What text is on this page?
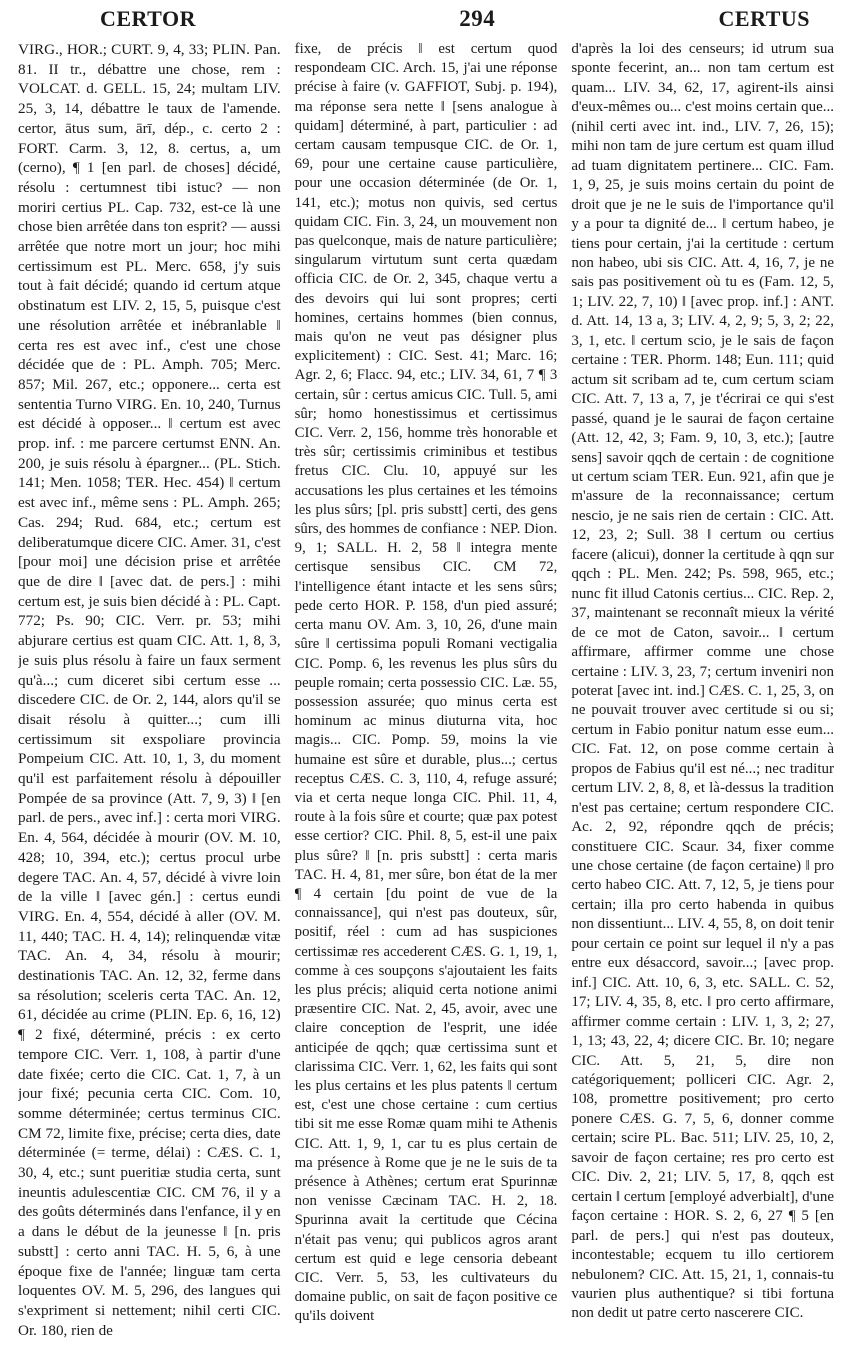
CERTOR	294	CERTUS

VIRG., HOR.; CURT. 9, 4, 33; PLIN. Pan. 81. II tr., débattre une chose, rem : VOLCAT. d. GELL. 15, 24; multam LIV. 25, 3, 14, débattre le taux de l'amende. certor, ātus sum, ārī, dép., c. certo 2 : FORT. Carm. 3, 12, 8. certus, a, um (cerno), ¶ 1 [en parl. de choses] décidé, résolu : certumnest tibi istuc? — non moriri certius PL. Cap. 732, est-ce là une chose bien arrêtée dans ton esprit? — aussi arrêtée que notre mort un jour; hoc mihi certissimum est PL. Merc. 658, j'y suis tout à fait décidé; quando id certum atque obstinatum est LIV. 2, 15, 5, puisque c'est une résolution arrêtée et inébranlable ‖ certa res est avec inf., c'est une chose décidée que de : PL. Amph. 705; Merc. 857; Mil. 267, etc.; opponere... certa est sententia Turno VIRG. En. 10, 240, Turnus est décidé à opposer... ‖ certum est avec prop. inf. : me parcere certumst ENN. An. 200, je suis résolu à épargner... (PL. Stich. 141; Men. 1058; TER. Hec. 454) ‖ certum est avec inf., même sens : PL. Amph. 265; Cas. 294; Rud. 684, etc.; certum est deliberatumque dicere CIC. Amer. 31, c'est [pour moi] une décision prise et arrêtée que de dire ‖ [avec dat. de pers.] : mihi certum est, je suis bien décidé à : PL. Capt. 772; Ps. 90; CIC. Verr. pr. 53; mihi abjurare certius est quam CIC. Att. 1, 8, 3, je suis plus résolu à faire un faux serment qu'à...; cum diceret sibi certum esse ... discedere CIC. de Or. 2, 144, alors qu'il se disait résolu à quitter...; cum illi certissimum sit exspoliare provincia Pompeium CIC. Att. 10, 1, 3, du moment qu'il est parfaitement résolu à dépouiller Pompée de sa province (Att. 7, 9, 3) ‖ [en parl. de pers., avec inf.] : certa mori VIRG. En. 4, 564, décidée à mourir (OV. M. 10, 428; 10, 394, etc.); certus procul urbe degere TAC. An. 4, 57, décidé à vivre loin de la ville ‖ [avec gén.] : certus eundi VIRG. En. 4, 554, décidé à aller (OV. M. 11, 440; TAC. H. 4, 14); relinquendæ vitæ TAC. An. 4, 34, résolu à mourir; destinationis TAC. An. 12, 32, ferme dans sa résolution; sceleris certa TAC. An. 12, 61, décidée au crime (PLIN. Ep. 6, 16, 12) ¶ 2 fixé, déterminé, précis : ex certo tempore CIC. Verr. 1, 108, à partir d'une date fixée; certo die CIC. Cat. 1, 7, à un jour fixé; pecunia certa CIC. Com. 10, somme déterminée; certus terminus CIC. CM 72, limite fixe, précise; certa dies, date déterminée (= terme, délai) : CÆS. C. 1, 30, 4, etc.; sunt pueritiæ studia certa, sunt ineuntis adulescentiæ CIC. CM 76, il y a des goûts déterminés dans l'enfance, il y en a dans le début de la jeunesse ‖ [n. pris substt] : certo anni TAC. H. 5, 6, à une époque fixe de l'année; linguæ tam certa loquentes OV. M. 5, 296, des langues qui s'expriment si nettement; nihil certi CIC. Or. 180, rien de

fixe, de précis ‖ est certum quod respondeam CIC. Arch. 15, j'ai une réponse précise à faire (v. GAFFIOT, Subj. p. 194), ma réponse sera nette ‖ [sens analogue à quidam] déterminé, à part, particulier : ad certam causam tempusque CIC. de Or. 1, 69, pour une certaine cause particulière, pour une occasion déterminée (de Or. 1, 141, etc.); motus non quivis, sed certus quidam CIC. Fin. 3, 24, un mouvement non pas quelconque, mais de nature particulière; singularum virtutum sunt certa quædam officia CIC. de Or. 2, 345, chaque vertu a des devoirs qui lui sont propres; certi homines, certains hommes (bien connus, mais qu'on ne veut pas désigner plus explicitement) : CIC. Sest. 41; Marc. 16; Agr. 2, 6; Flacc. 94, etc.; LIV. 34, 61, 7 ¶ 3 certain, sûr : certus amicus CIC. Tull. 5, ami sûr; homo honestissimus et certissimus CIC. Verr. 2, 156, homme très honorable et très sûr; certissimis criminibus et testibus fretus CIC. Clu. 10, appuyé sur les accusations les plus certaines et les témoins les plus sûrs; [pl. pris substt] certi, des gens sûrs, des hommes de confiance : NEP. Dion. 9, 1; SALL. H. 2, 58 ‖ integra mente certisque sensibus CIC. CM 72, l'intelligence étant intacte et les sens sûrs; pede certo HOR. P. 158, d'un pied assuré; certa manu OV. Am. 3, 10, 26, d'une main sûre ‖ certissima populi Romani vectigalia CIC. Pomp. 6, les revenus les plus sûrs du peuple romain; certa possessio CIC. Læ. 55, possession assurée; quo minus certa est hominum ac minus diuturna vita, hoc magis... CIC. Pomp. 59, moins la vie humaine est sûre et durable, plus...; certus receptus CÆS. C. 3, 110, 4, refuge assuré; via et certa neque longa CIC. Phil. 11, 4, route à la fois sûre et courte; quæ pax potest esse certior? CIC. Phil. 8, 5, est-il une paix plus sûre? ‖ [n. pris substt] : certa maris TAC. H. 4, 81, mer sûre, bon état de la mer ¶ 4 certain [du point de vue de la connaissance], qui n'est pas douteux, sûr, positif, réel : cum ad has suspiciones certissimæ res accederent CÆS. G. 1, 19, 1, comme à ces soupçons s'ajoutaient les faits les plus précis; aliquid certa notione animi præsentire CIC. Nat. 2, 45, avoir, avec une claire conception de l'esprit, une idée anticipée de qqch; quæ certissima sunt et clarissima CIC. Verr. 1, 62, les faits qui sont les plus certains et les plus patents ‖ certum est, c'est une chose certaine : cum certius tibi sit me esse Romæ quam mihi te Athenis CIC. Att. 1, 9, 1, car tu es plus certain de ma présence à Rome que je ne le suis de ta présence à Athènes; certum erat Spurinnæ non venisse Cæcinam TAC. H. 2, 18. Spurinna avait la certitude que Cécina n'était pas venu; qui publicos agros arant certum est quid e lege censoria debeant CIC. Verr. 5, 53, les cultivateurs du domaine public, on sait de façon positive ce qu'ils doivent

d'après la loi des censeurs; id utrum sua sponte fecerint, an... non tam certum est quam... LIV. 34, 62, 17, agirent-ils ainsi d'eux-mêmes ou... c'est moins certain que... (nihil certi avec int. ind., LIV. 7, 26, 15); mihi non tam de jure certum est quam illud ad tuam dignitatem pertinere... CIC. Fam. 1, 9, 25, je suis moins certain du point de droit que je ne le suis de l'importance qu'il y a pour ta dignité de... ‖ certum habeo, je tiens pour certain, j'ai la certitude : certum non habeo, ubi sis CIC. Att. 4, 16, 7, je ne sais pas positivement où tu es (Fam. 12, 5, 1; LIV. 22, 7, 10) ‖ [avec prop. inf.] : ANT. d. Att. 14, 13 a, 3; LIV. 4, 2, 9; 5, 3, 2; 22, 3, 1, etc. ‖ certum scio, je le sais de façon certaine : TER. Phorm. 148; Eun. 111; quid actum sit scribam ad te, cum certum sciam CIC. Att. 7, 13 a, 7, je t'écrirai ce qui s'est passé, quand je le saurai de façon certaine (Att. 12, 42, 3; Fam. 9, 10, 3, etc.); [autre sens] savoir qqch de certain : de cognitione ut certum sciam TER. Eun. 921, afin que je m'assure de la reconnaissance; certum nescio, je ne sais rien de certain : CIC. Att. 12, 23, 2; Sull. 38 ‖ certum ou certius facere (alicui), donner la certitude à qqn sur qqch : PL. Men. 242; Ps. 598, 965, etc.; nunc fit illud Catonis certius... CIC. Rep. 2, 37, maintenant se reconnaît mieux la vérité de ce mot de Caton, savoir... ‖ certum affirmare, affirmer comme une chose certaine : LIV. 3, 23, 7; certum inveniri non poterat [avec int. ind.] CÆS. C. 1, 25, 3, on ne pouvait trouver avec certitude si ou si; certum in Fabio ponitur natum esse eum... CIC. Fat. 12, on pose comme certain à propos de Fabius qu'il est né...; nec traditur certum LIV. 2, 8, 8, et là-dessus la tradition n'est pas certaine; certum respondere CIC. Ac. 2, 92, répondre qqch de précis; constituere CIC. Scaur. 34, fixer comme une chose certaine (de façon certaine) ‖ pro certo habeo CIC. Att. 7, 12, 5, je tiens pour certain; illa pro certo habenda in quibus non dissentiunt... LIV. 4, 55, 8, on doit tenir pour certain ce point sur lequel il n'y a pas entre eux désaccord, savoir...; [avec prop. inf.] CIC. Att. 10, 6, 3, etc. SALL. C. 52, 17; LIV. 4, 35, 8, etc. ‖ pro certo affirmare, affirmer comme certain : LIV. 1, 3, 2; 27, 1, 13; 43, 22, 4; dicere CIC. Br. 10; negare CIC. Att. 5, 21, 5, dire non catégoriquement; polliceri CIC. Agr. 2, 108, promettre positivement; pro certo ponere CÆS. G. 7, 5, 6, donner comme certain; scire PL. Bac. 511; LIV. 25, 10, 2, savoir de façon certaine; res pro certo est CIC. Div. 2, 21; LIV. 5, 17, 8, qqch est certain ‖ certum [employé adverbialt], d'une façon certaine : HOR. S. 2, 6, 27 ¶ 5 [en parl. de pers.] qui n'est pas douteux, incontestable; ecquem tu illo certiorem nebulonem? CIC. Att. 15, 21, 1, connais-tu vaurien plus authentique? si tibi fortuna non dedit ut patre certo nascerere CIC.
